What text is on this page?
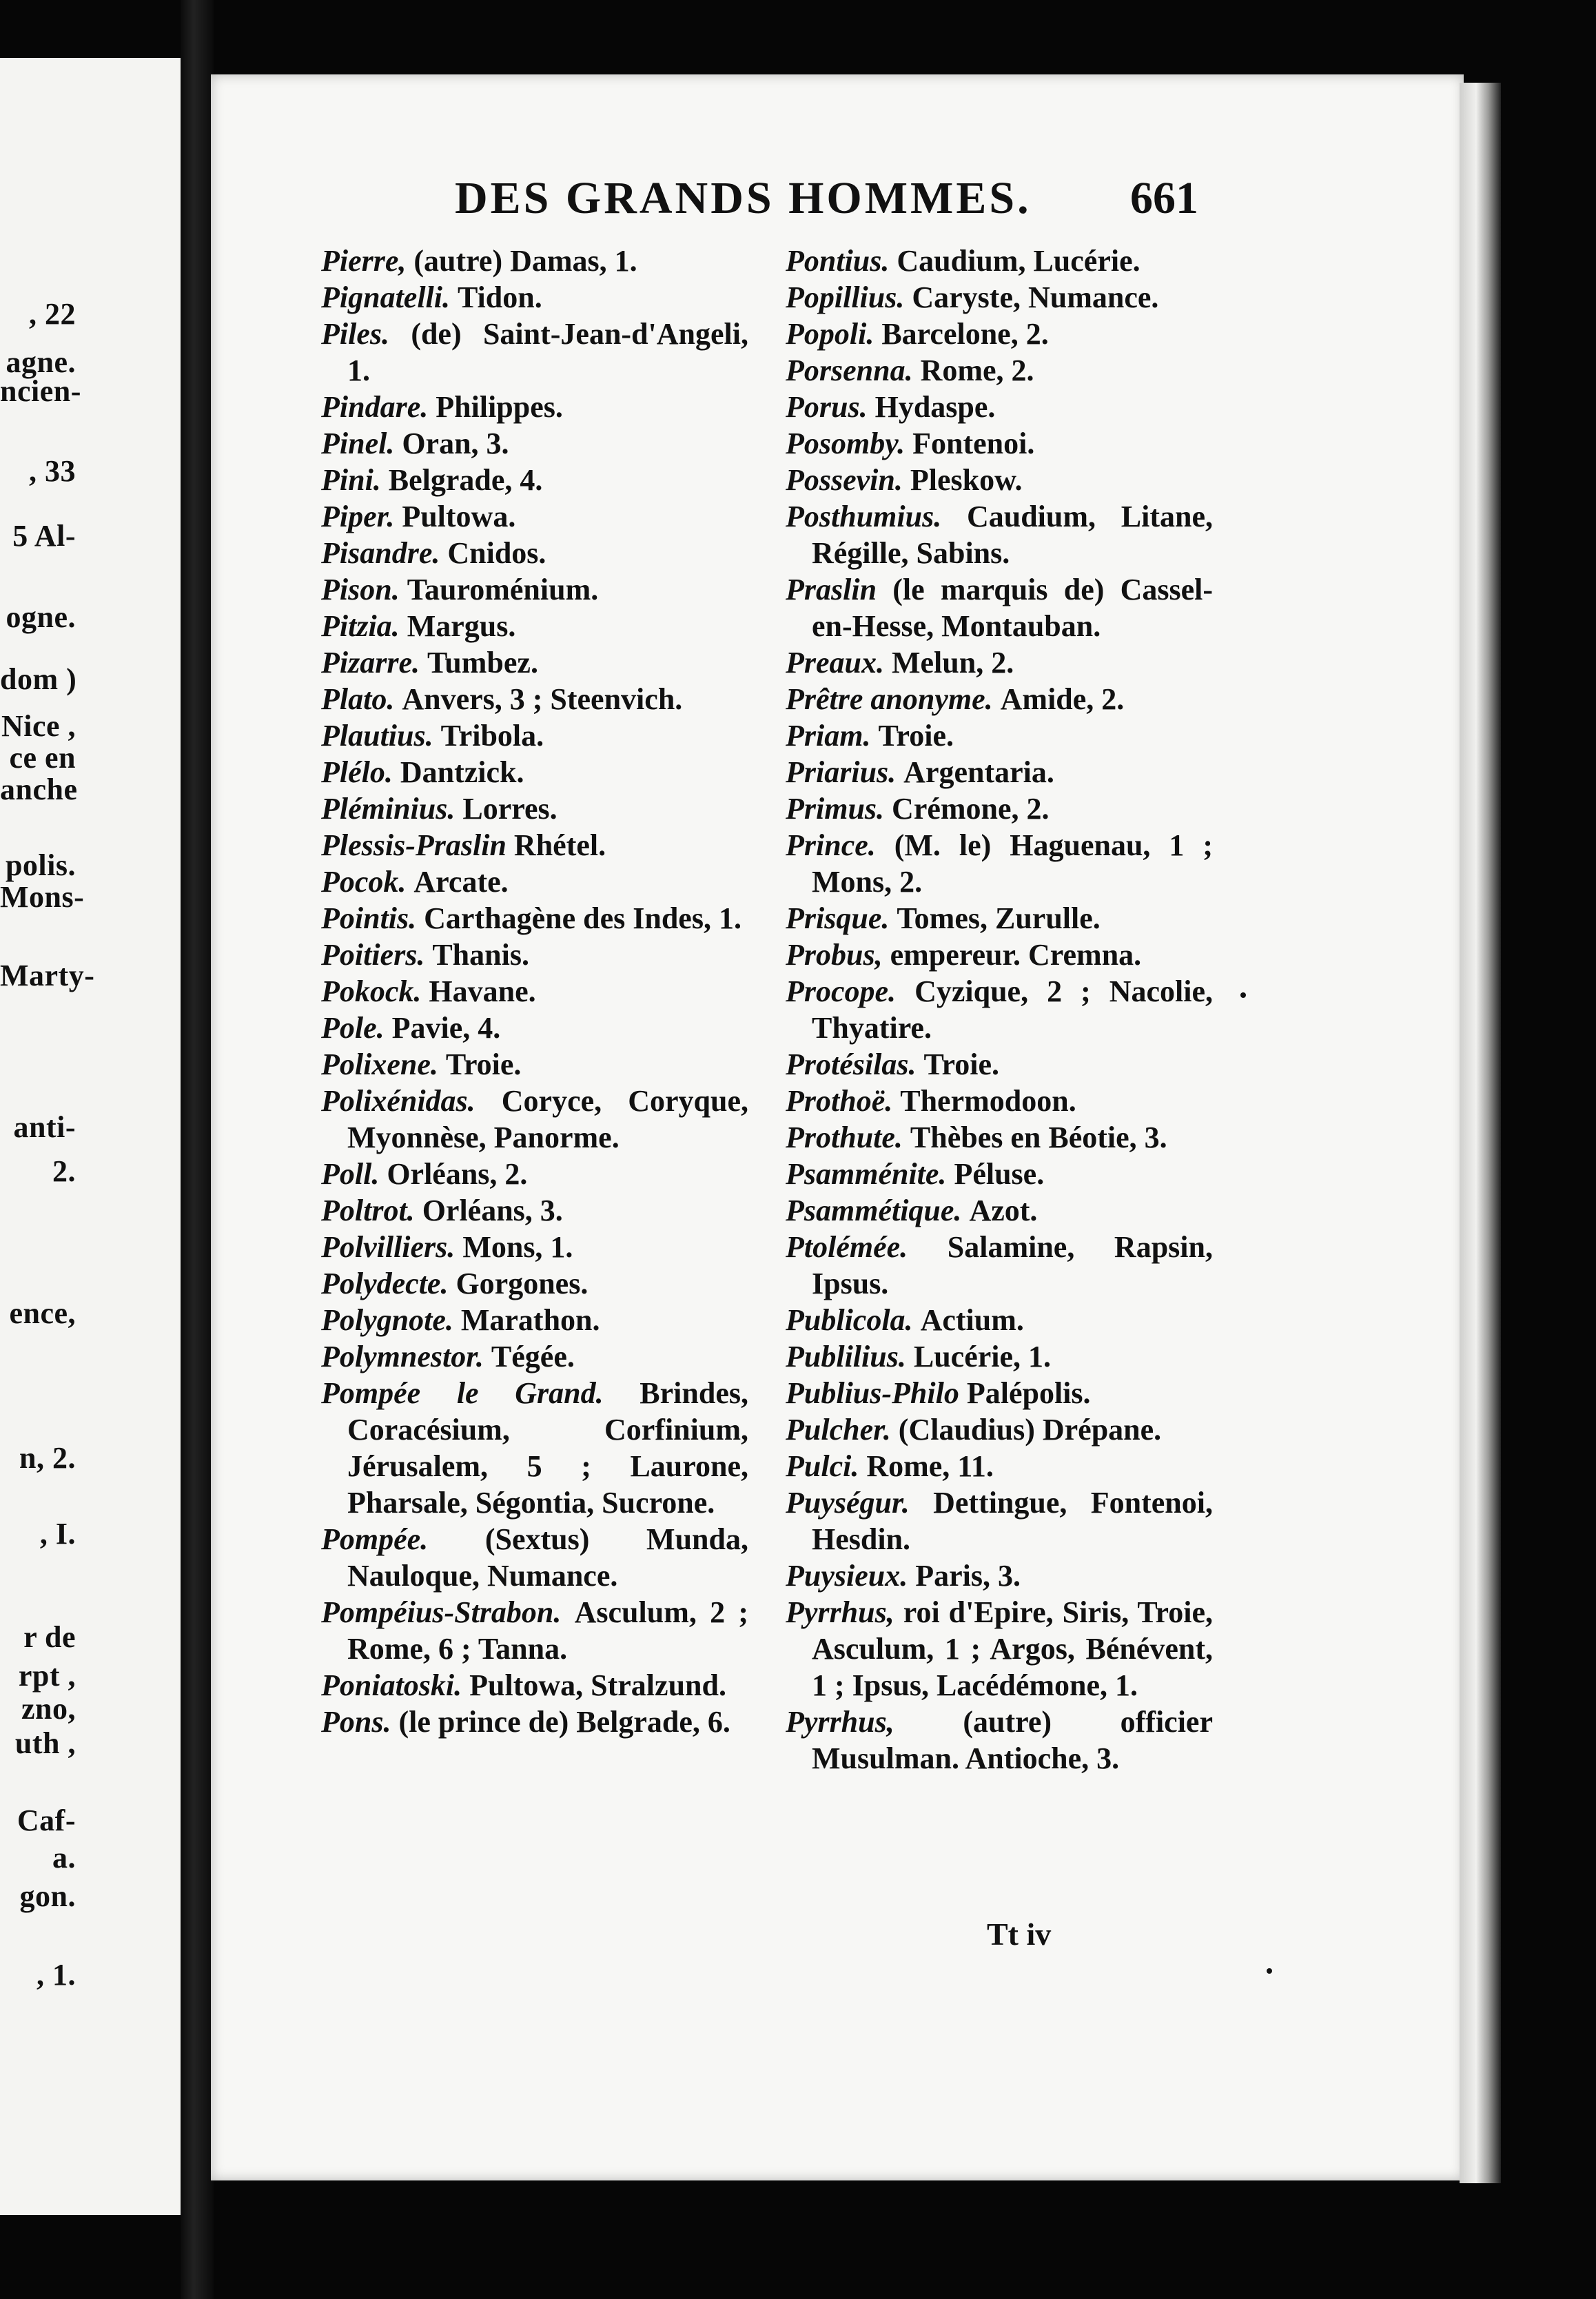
, 22
agne.
ncien-
, 33
5 Al-
ogne.
dom )
Nice ,
ce en
anche
polis.
Mons-
Marty-
anti-
2.
ence,
n, 2.
, I.
r de
rpt ,
zno,
uth ,
Caf-
a.
gon.
, 1.
DES GRANDS HOMMES. 661
Pierre, (autre) Damas, 1.
Pignatelli. Tidon.
Piles. (de) Saint-Jean-d'Angeli, 1.
Pindare. Philippes.
Pinel. Oran, 3.
Pini. Belgrade, 4.
Piper. Pultowa.
Pisandre. Cnidos.
Pison. Tauroménium.
Pitzia. Margus.
Pizarre. Tumbez.
Plato. Anvers, 3 ; Steenvich.
Plautius. Tribola.
Plélo. Dantzick.
Pléminius. Lorres.
Plessis-Praslin Rhétel.
Pocok. Arcate.
Pointis. Carthagène des Indes, 1.
Poitiers. Thanis.
Pokock. Havane.
Pole. Pavie, 4.
Polixene. Troie.
Polixénidas. Coryce, Coryque, Myonnèse, Panorme.
Poll. Orléans, 2.
Poltrot. Orléans, 3.
Polvilliers. Mons, 1.
Polydecte. Gorgones.
Polygnote. Marathon.
Polymnestor. Tégée.
Pompée le Grand. Brindes, Coracésium, Corfinium, Jérusalem, 5 ; Laurone, Pharsale, Ségontia, Sucrone.
Pompée. (Sextus) Munda, Nauloque, Numance.
Pompéius-Strabon. Asculum, 2 ; Rome, 6 ; Tanna.
Poniatoski. Pultowa, Stralzund.
Pons. (le prince de) Belgrade, 6.
Pontius. Caudium, Lucérie.
Popillius. Caryste, Numance.
Popoli. Barcelone, 2.
Porsenna. Rome, 2.
Porus. Hydaspe.
Posomby. Fontenoi.
Possevin. Pleskow.
Posthumius. Caudium, Litane, Régille, Sabins.
Praslin (le marquis de) Cassel-en-Hesse, Montauban.
Preaux. Melun, 2.
Prêtre anonyme. Amide, 2.
Priam. Troie.
Priarius. Argentaria.
Primus. Crémone, 2.
Prince. (M. le) Haguenau, 1 ; Mons, 2.
Prisque. Tomes, Zurulle.
Probus, empereur. Cremna.
Procope. Cyzique, 2 ; Nacolie, Thyatire.
Protésilas. Troie.
Prothoë. Thermodoon.
Prothute. Thèbes en Béotie, 3.
Psamménite. Péluse.
Psammétique. Azot.
Ptolémée. Salamine, Rapsin, Ipsus.
Publicola. Actium.
Publilius. Lucérie, 1.
Publius-Philo Palépolis.
Pulcher. (Claudius) Drépane.
Pulci. Rome, 11.
Puységur. Dettingue, Fontenoi, Hesdin.
Puysieux. Paris, 3.
Pyrrhus, roi d'Epire, Siris, Troie, Asculum, 1 ; Argos, Bénévent, 1 ; Ipsus, Lacédémone, 1.
Pyrrhus, (autre) officier Musulman. Antioche, 3.
Tt iv
